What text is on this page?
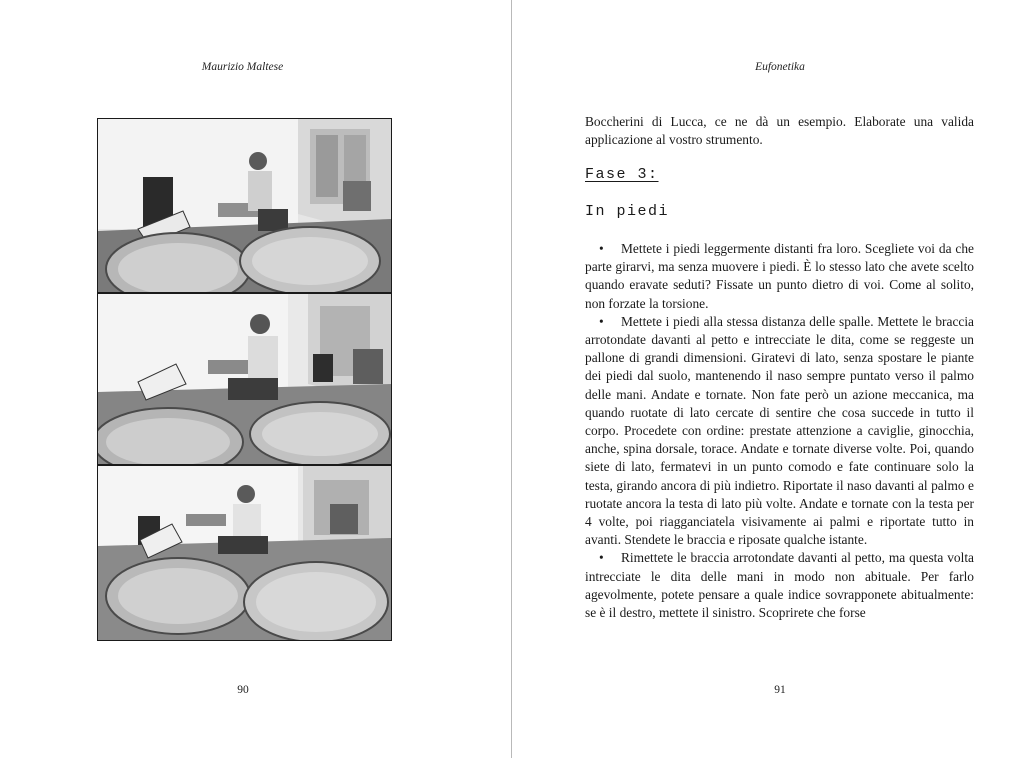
Maurizio Maltese
90
Eufonetika

Boccherini di Lucca, ce ne dà un esempio. Elaborate una valida applicazione al vostro strumento.

Fase 3:
In piedi

• Mettete i piedi leggermente distanti fra loro. Scegliete voi da che parte girarvi, ma senza muovere i piedi. È lo stesso lato che avete scelto quando eravate seduti? Fissate un punto dietro di voi. Come al solito, non forzate la torsione.

• Mettete i piedi alla stessa distanza delle spalle. Mettete le braccia arrotondate davanti al petto e intrecciate le dita, come se reggeste un pallone di grandi dimensioni. Giratevi di lato, senza spostare le piante dei piedi dal suolo, mantenendo il naso sempre puntato verso il palmo delle mani. Andate e tornate. Non fate però un azione meccanica, ma quando ruotate di lato cercate di sentire che cosa succede in tutto il corpo. Procedete con ordine: prestate attenzione a caviglie, ginocchia, anche, spina dorsale, torace. Andate e tornate diverse volte. Poi, quando siete di lato, fermatevi in un punto comodo e fate continuare solo la testa, girando ancora di più indietro. Riportate il naso davanti al palmo e ruotate ancora la testa di lato più volte. Andate e tornate con la testa per 4 volte, poi riagganciatela visivamente ai palmi e riportate tutto in avanti. Stendete le braccia e riposate qualche istante.

• Rimettete le braccia arrotondate davanti al petto, ma questa volta intrecciate le dita delle mani in modo non abituale. Per farlo agevolmente, potete pensare a quale indice sovrapponete abitualmente: se è il destro, mettete il sinistro. Scoprirete che forse

91
